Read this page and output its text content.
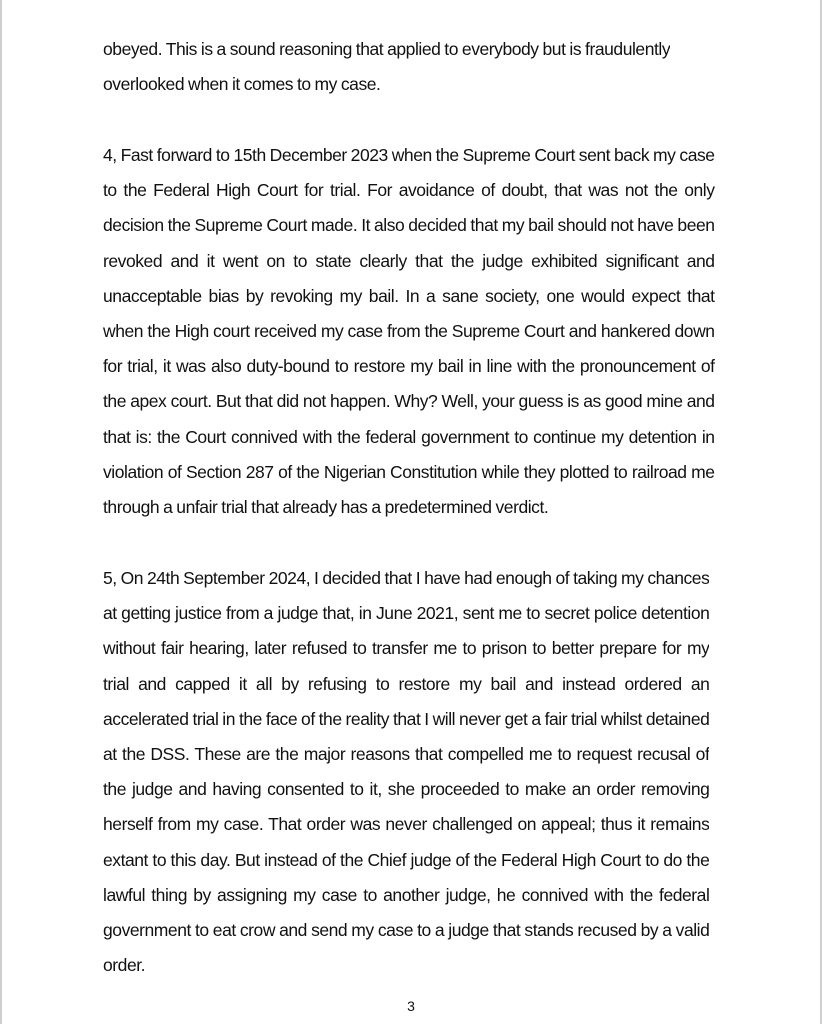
obeyed. This is a sound reasoning that applied to everybody but is fraudulently
overlooked when it comes to my case.
4, Fast forward to 15th December 2023 when the Supreme Court sent back my case
to the Federal High Court for trial. For avoidance of doubt, that was not the only
decision the Supreme Court made. It also decided that my bail should not have been
revoked and it went on to state clearly that the judge exhibited significant and
unacceptable bias by revoking my bail. In a sane society, one would expect that
when the High court received my case from the Supreme Court and hankered down
for trial, it was also duty-bound to restore my bail in line with the pronouncement of
the apex court. But that did not happen. Why? Well, your guess is as good mine and
that is: the Court connived with the federal government to continue my detention in
violation of Section 287 of the Nigerian Constitution while they plotted to railroad me
through a unfair trial that already has a predetermined verdict.
5, On 24th September 2024, I decided that I have had enough of taking my chances
at getting justice from a judge that, in June 2021, sent me to secret police detention
without fair hearing, later refused to transfer me to prison to better prepare for my
trial and capped it all by refusing to restore my bail and instead ordered an
accelerated trial in the face of the reality that I will never get a fair trial whilst detained
at the DSS. These are the major reasons that compelled me to request recusal of
the judge and having consented to it, she proceeded to make an order removing
herself from my case. That order was never challenged on appeal; thus it remains
extant to this day. But instead of the Chief judge of the Federal High Court to do the
lawful thing by assigning my case to another judge, he connived with the federal
government to eat crow and send my case to a judge that stands recused by a valid
order.
3
